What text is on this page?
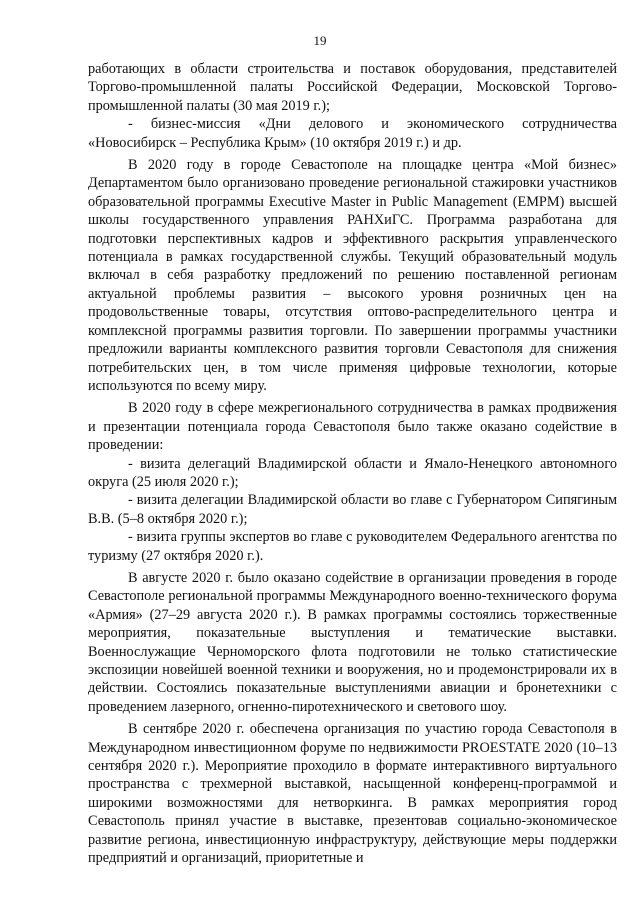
19

работающих в области строительства и поставок оборудования, представителей Торгово-промышленной палаты Российской Федерации, Московской Торгово-промышленной палаты (30 мая 2019 г.);

- бизнес-миссия «Дни делового и экономического сотрудничества «Новосибирск – Республика Крым» (10 октября 2019 г.) и др.

В 2020 году в городе Севастополе на площадке центра «Мой бизнес» Департаментом было организовано проведение региональной стажировки участников образовательной программы Executive Master in Public Management (EMPM) высшей школы государственного управления РАНХиГС. Программа разработана для подготовки перспективных кадров и эффективного раскрытия управленческого потенциала в рамках государственной службы. Текущий образовательный модуль включал в себя разработку предложений по решению поставленной регионам актуальной проблемы развития – высокого уровня розничных цен на продовольственные товары, отсутствия оптово-распределительного центра и комплексной программы развития торговли. По завершении программы участники предложили варианты комплексного развития торговли Севастополя для снижения потребительских цен, в том числе применяя цифровые технологии, которые используются по всему миру.

В 2020 году в сфере межрегионального сотрудничества в рамках продвижения и презентации потенциала города Севастополя было также оказано содействие в проведении:

- визита делегаций Владимирской области и Ямало-Ненецкого автономного округа (25 июля 2020 г.);

- визита делегации Владимирской области во главе с Губернатором Сипягиным В.В. (5–8 октября 2020 г.);

- визита группы экспертов во главе с руководителем Федерального агентства по туризму (27 октября 2020 г.).

В августе 2020 г. было оказано содействие в организации проведения в городе Севастополе региональной программы Международного военно-технического форума «Армия» (27–29 августа 2020 г.). В рамках программы состоялись торжественные мероприятия, показательные выступления и тематические выставки. Военнослужащие Черноморского флота подготовили не только статистические экспозиции новейшей военной техники и вооружения, но и продемонстрировали их в действии. Состоялись показательные выступлениями авиации и бронетехники с проведением лазерного, огненно-пиротехнического и светового шоу.

В сентябре 2020 г. обеспечена организация по участию города Севастополя в Международном инвестиционном форуме по недвижимости PROESTATE 2020 (10–13 сентября 2020 г.). Мероприятие проходило в формате интерактивного виртуального пространства с трехмерной выставкой, насыщенной конференц-программой и широкими возможностями для нетворкинга. В рамках мероприятия город Севастополь принял участие в выставке, презентовав социально-экономическое развитие региона, инвестиционную инфраструктуру, действующие меры поддержки предприятий и организаций, приоритетные и
